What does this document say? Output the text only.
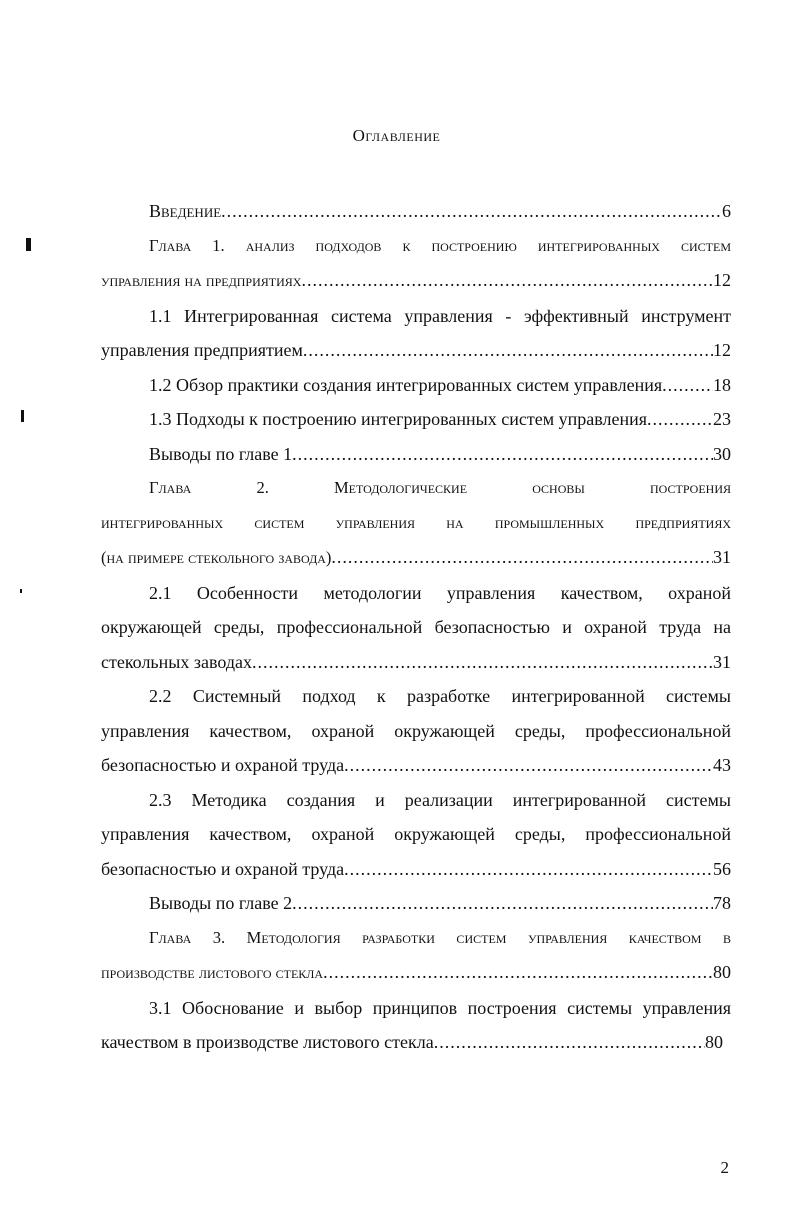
Оглавление
Введение .....	6
Глава 1. анализ подходов к построению интегрированных систем
управления на предприятиях .....	12
1.1 Интегрированная система управления - эффективный инструмент
управления предприятием .....	12
1.2 Обзор практики создания интегрированных систем управления .....	18
1.3 Подходы к построению интегрированных систем управления .....	23
Выводы по главе 1 .....	30
Глава 2. Методологические основы построения
интегрированных систем управления на промышленных предприятиях
(на примере стекольного завода) .....	31
2.1 Особенности методологии управления качеством, охраной
окружающей среды, профессиональной безопасностью и охраной труда на
стекольных заводах .....	31
2.2 Системный подход к разработке интегрированной системы
управления качеством, охраной окружающей среды, профессиональной
безопасностью и охраной труда .....	43
2.3 Методика создания и реализации интегрированной системы
управления качеством, охраной окружающей среды, профессиональной
безопасностью и охраной труда .....	56
Выводы по главе 2 .....	78
Глава 3. Методология разработки систем управления качеством в
производстве листового стекла .....	80
3.1 Обоснование и выбор принципов построения системы управления
качеством в производстве листового стекла .....	80
2
